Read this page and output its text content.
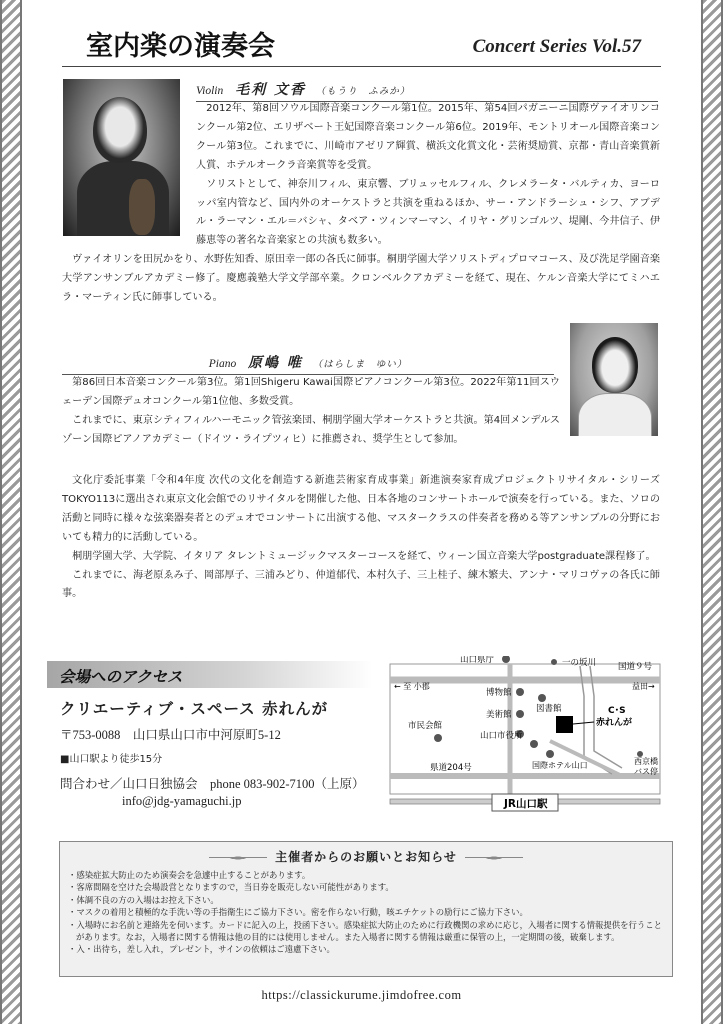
室内楽の演奏会	Concert Series Vol.57
Violin 毛利 文香 （もうり　ふみか）

2012年、第8回ソウル国際音楽コンクール第1位。2015年、第54回パガニーニ国際ヴァイオリンコンクール第2位、エリザベート王妃国際音楽コンクール第6位。2019年、モントリオール国際音楽コンクール第3位。これまでに、川崎市アゼリア輝賞、横浜文化賞文化・芸術奨励賞、京都・青山音楽賞新人賞、ホテルオークラ音楽賞等を受賞。

ソリストとして、神奈川フィル、東京響、ブリュッセルフィル、クレメラータ・バルティカ、ヨーロッパ室内管など、国内外のオーケストラと共演を重ねるほか、サー・アンドラーシュ・シフ、アブデル・ラーマン・エル＝バシャ、タベア・ツィンマーマン、イリヤ・グリンゴルツ、堤剛、今井信子、伊藤恵等の著名な音楽家との共演も数多い。

ヴァイオリンを田尻かをり、水野佐知香、原田幸一郎の各氏に師事。桐朋学園大学ソリストディプロマコース、及び洗足学園音楽大学アンサンブルアカデミー修了。慶應義塾大学文学部卒業。クロンベルクアカデミーを経て、現在、ケルン音楽大学にてミハエラ・マーティン氏に師事している。

Piano 原嶋 唯 （はらしま　ゆい）

第86回日本音楽コンクール第3位。第1回Shigeru Kawai国際ピアノコンクール第3位。2022年第11回スウェーデン国際デュオコンクール第1位他、多数受賞。

これまでに、東京シティフィルハーモニック管弦楽団、桐朋学園大学オーケストラと共演。第4回メンデルスゾーン国際ピアノアカデミー（ドイツ・ライプツィヒ）に推薦され、奨学生として参加。

文化庁委託事業「令和4年度 次代の文化を創造する新進芸術家育成事業」新進演奏家育成プロジェクトリサイタル・シリーズTOKYO113に選出され東京文化会館でのリサイタルを開催した他、日本各地のコンサートホールで演奏を行っている。また、ソロの活動と同時に様々な弦楽器奏者とのデュオでコンサートに出演する他、マスタークラスの伴奏者を務める等アンサンブルの分野においても精力的に活動している。

桐朋学園大学、大学院、イタリア タレントミュージックマスターコースを経て、ウィーン国立音楽大学postgraduate課程修了。

これまでに、海老原ゑみ子、岡部厚子、三浦みどり、仲道郁代、本村久子、三上桂子、練木繁夫、アンナ・マリコヴァの各氏に師事。

会場へのアクセス
クリエーティブ・スペース 赤れんが
〒753-0088　山口県山口市中河原町5-12
■山口駅より徒歩15分
問合わせ／山口日独協会　phone 083-902-7100（上原）
info@jdg-yamaguchi.jp
山口県庁	一の坂川	国道９号
← 至 小郡	益田→
博物館
図書館
美術館
市民会館
山口市役所
C･S
赤れんが
県道204号	国際ホテル山口	西京橋
バス停
JR山口駅
主催者からのお願いとお知らせ
・ 感染症拡大防止のため演奏会を急遽中止することがあります。
・ 客席間隔を空けた会場設営となりますので，当日券を販売しない可能性があります。
・ 体調不良の方の入場はお控え下さい。
・ マスクの着用と積極的な手洗い等の手指衛生にご協力下さい。密を作らない行動，咳エチケットの励行にご協力下さい。
・ 入場時にお名前と連絡先を伺います。カードに記入の上，投函下さい。感染症拡大防止のために行政機関の求めに応じ，入場者に関する情報提供を行うことがあります。なお，入場者に関する情報は他の目的には使用しません。また入場者に関する情報は厳重に保管の上，一定期間の後，破棄します。
・ 入・出待ち，差し入れ，プレゼント，サインの依頼はご遠慮下さい。
https://classickurume.jimdofree.com
